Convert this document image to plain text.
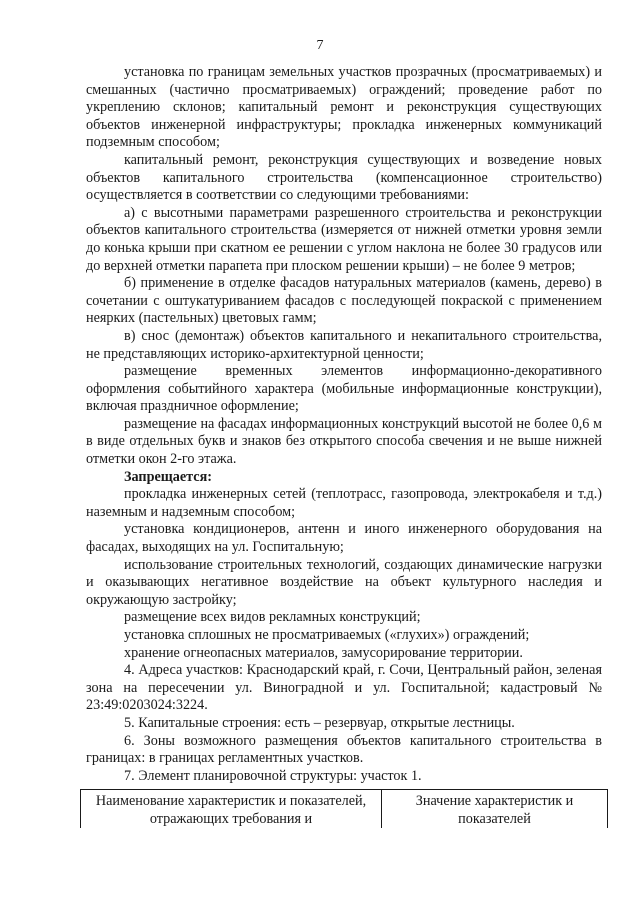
7

установка по границам земельных участков прозрачных (просматриваемых) и смешанных (частично просматриваемых) ограждений; проведение работ по укреплению склонов; капитальный ремонт и реконструкция существующих объектов инженерной инфраструктуры; прокладка инженерных коммуникаций подземным способом;

капитальный ремонт, реконструкция существующих и возведение новых объектов капитального строительства (компенсационное строительство) осуществляется в соответствии со следующими требованиями:

а) с высотными параметрами разрешенного строительства и реконструкции объектов капитального строительства (измеряется от нижней отметки уровня земли до конька крыши при скатном ее решении с углом наклона не более 30 градусов или до верхней отметки парапета при плоском решении крыши) – не более 9 метров;

б) применение в отделке фасадов натуральных материалов (камень, дерево) в сочетании с оштукатуриванием фасадов с последующей покраской с применением неярких (пастельных) цветовых гамм;

в) снос (демонтаж) объектов капитального и некапитального строительства, не представляющих историко-архитектурной ценности;

размещение временных элементов информационно-декоративного оформления событийного характера (мобильные информационные конструкции), включая праздничное оформление;

размещение на фасадах информационных конструкций высотой не более 0,6 м в виде отдельных букв и знаков без открытого способа свечения и не выше нижней отметки окон 2-го этажа.

Запрещается:

прокладка инженерных сетей (теплотрасс, газопровода, электрокабеля и т.д.) наземным и надземным способом;

установка кондиционеров, антенн и иного инженерного оборудования на фасадах, выходящих на ул. Госпитальную;

использование строительных технологий, создающих динамические нагрузки и оказывающих негативное воздействие на объект культурного наследия и окружающую застройку;

размещение всех видов рекламных конструкций;

установка сплошных не просматриваемых («глухих») ограждений;

хранение огнеопасных материалов, замусорирование территории.

4. Адреса участков: Краснодарский край, г. Сочи, Центральный район, зеленая зона на пересечении ул. Виноградной и ул. Госпитальной; кадастровый № 23:49:0203024:3224.

5. Капитальные строения: есть – резервуар, открытые лестницы.

6. Зоны возможного размещения объектов капитального строительства в границах: в границах регламентных участков.

7. Элемент планировочной структуры: участок 1.

Наименование характеристик и показателей, отражающих требования и	Значение характеристик и показателей
